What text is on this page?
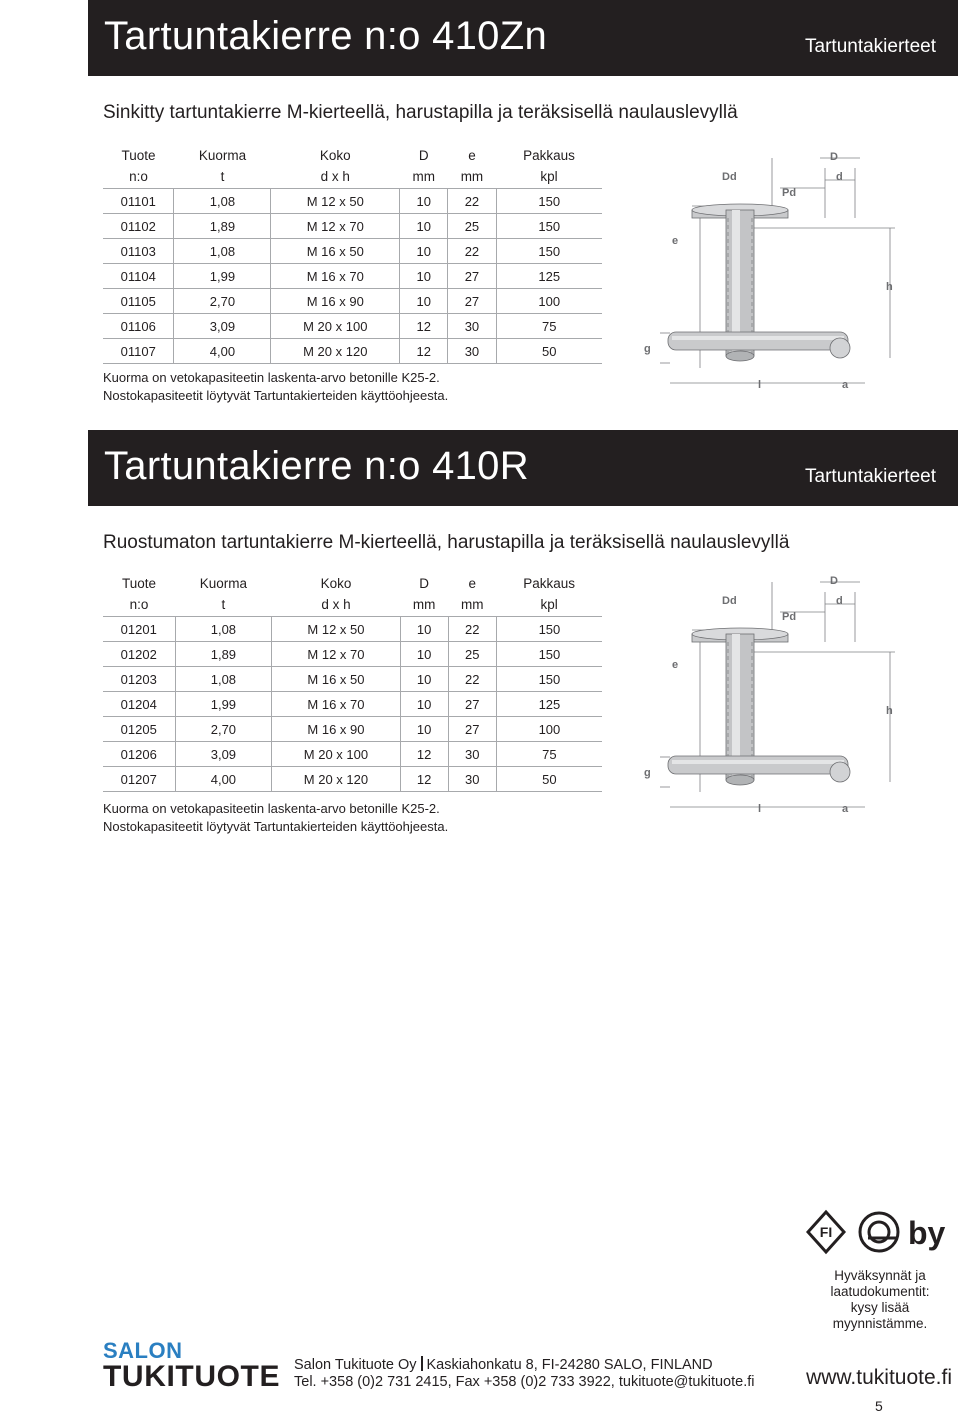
Tartuntakierre n:o 410Zn	Tartuntakierteet
Sinkitty tartuntakierre M-kierteellä, harustapilla ja teräksisellä naulauslevyllä
Tuote	Kuorma	Koko	D	e	Pakkaus
n:o	t	d x h	mm	mm	kpl
01101	1,08	M 12 x 50	10	22	150
01102	1,89	M 12 x 70	10	25	150
01103	1,08	M 16 x 50	10	22	150
01104	1,99	M 16 x 70	10	27	125
01105	2,70	M 16 x 90	10	27	100
01106	3,09	M 20 x 100	12	30	75
01107	4,00	M 20 x 120	12	30	50
Kuorma on vetokapasiteetin laskenta-arvo betonille K25-2.
Nostokapasiteetit löytyvät Tartuntakierteiden käyttöohjeesta.
D
d
Dd
Pd
e
h
g
l	a
Tartuntakierre n:o 410R	Tartuntakierteet
Ruostumaton tartuntakierre M-kierteellä, harustapilla ja teräksisellä naulauslevyllä
Tuote	Kuorma	Koko	D	e	Pakkaus
n:o	t	d x h	mm	mm	kpl
01201	1,08	M 12 x 50	10	22	150
01202	1,89	M 12 x 70	10	25	150
01203	1,08	M 16 x 50	10	22	150
01204	1,99	M 16 x 70	10	27	125
01205	2,70	M 16 x 90	10	27	100
01206	3,09	M 20 x 100	12	30	75
01207	4,00	M 20 x 120	12	30	50
Kuorma on vetokapasiteetin laskenta-arvo betonille K25-2.
Nostokapasiteetit löytyvät Tartuntakierteiden käyttöohjeesta.
D
d
Dd
Pd
e
h
g
l	a
FI by
Hyväksynnät ja
laatudokumentit:
kysy lisää
myynnistämme.
SALON
TUKITUOTE Salon Tukituote Oy Kaskiahonkatu 8, FI-24280 SALO, FINLAND
Tel. +358 (0)2 731 2415, Fax +358 (0)2 733 3922, tukituote@tukituote.fi www.tukituote.fi
5
